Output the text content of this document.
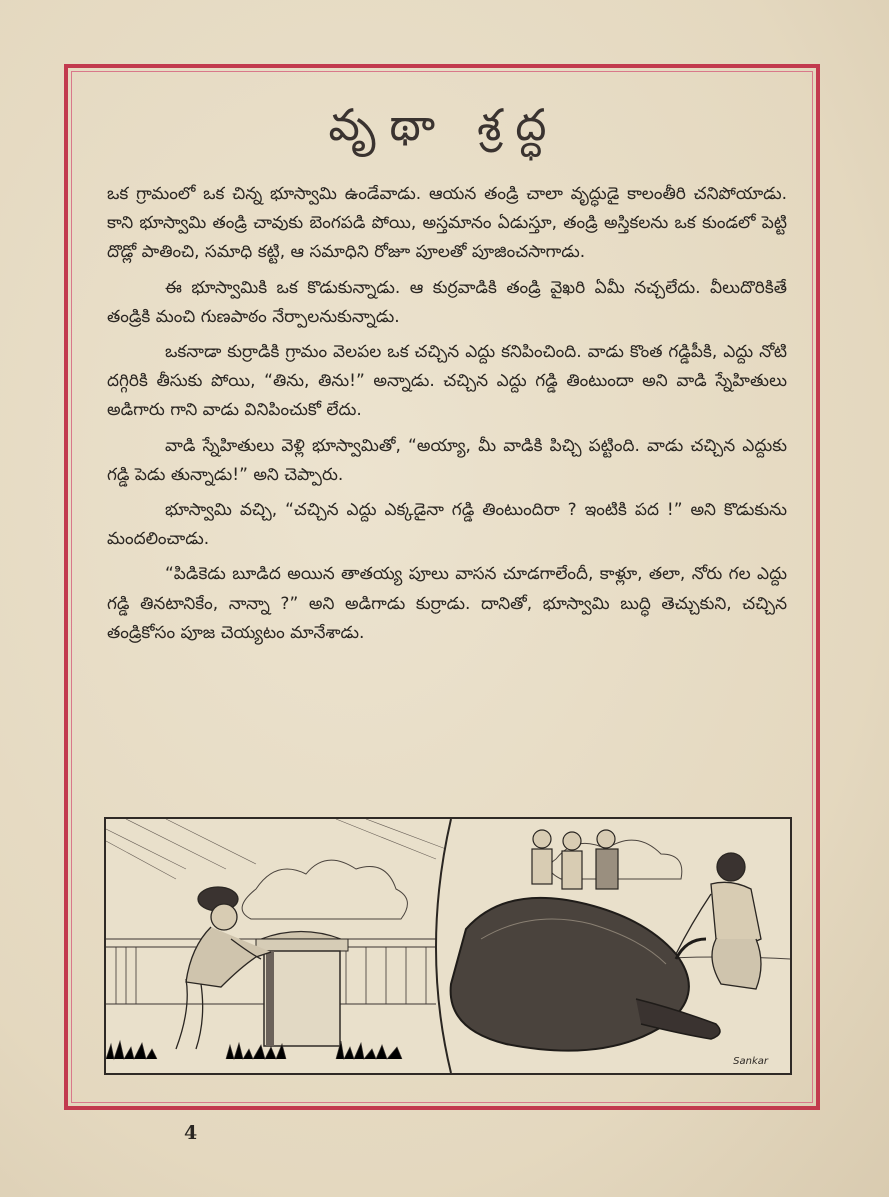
వృథా శ్రద్ధ

ఒక గ్రామంలో ఒక చిన్న భూస్వామి ఉండేవాడు. ఆయన తండ్రి చాలా వృద్ధుడై కాలంతీరి చనిపోయాడు. కాని భూస్వామి తండ్రి చావుకు బెంగపడి పోయి, అస్తమానం ఏడుస్తూ, తండ్రి అస్తికలను ఒక కుండలో పెట్టి దొడ్లో పాతించి, సమాధి కట్టి, ఆ సమాధిని రోజూ పూలతో పూజించసాగాడు.

ఈ భూస్వామికి ఒక కొడుకున్నాడు. ఆ కుర్రవాడికి తండ్రి వైఖరి ఏమీ నచ్చలేదు. వీలుదొరికితే తండ్రికి మంచి గుణపాఠం నేర్పాలనుకున్నాడు.

ఒకనాడా కుర్రాడికి గ్రామం వెలపల ఒక చచ్చిన ఎద్దు కనిపించింది. వాడు కొంత గడ్డిపీకి, ఎద్దు నోటి దగ్గిరికి తీసుకు పోయి, “తిను, తిను!” అన్నాడు. చచ్చిన ఎద్దు గడ్డి తింటుందా అని వాడి స్నేహితులు అడిగారు గాని వాడు వినిపించుకో లేదు.

వాడి స్నేహితులు వెళ్లి భూస్వామితో, “అయ్యా, మీ వాడికి పిచ్చి పట్టింది. వాడు చచ్చిన ఎద్దుకు గడ్డి పెడు తున్నాడు!” అని చెప్పారు.

భూస్వామి వచ్చి, “చచ్చిన ఎద్దు ఎక్కడైనా గడ్డి తింటుందిరా ? ఇంటికి పద !” అని కొడుకును మందలించాడు.

“పిడికెడు బూడిద అయిన తాతయ్య పూలు వాసన చూడగాలేందీ, కాళ్లూ, తలా, నోరు గల ఎద్దు గడ్డి తినటానికేం, నాన్నా ?” అని అడిగాడు కుర్రాడు. దానితో, భూస్వామి బుద్ధి తెచ్చుకుని, చచ్చిన తండ్రికోసం పూజ చెయ్యటం మానేశాడు.

Sankar
4
